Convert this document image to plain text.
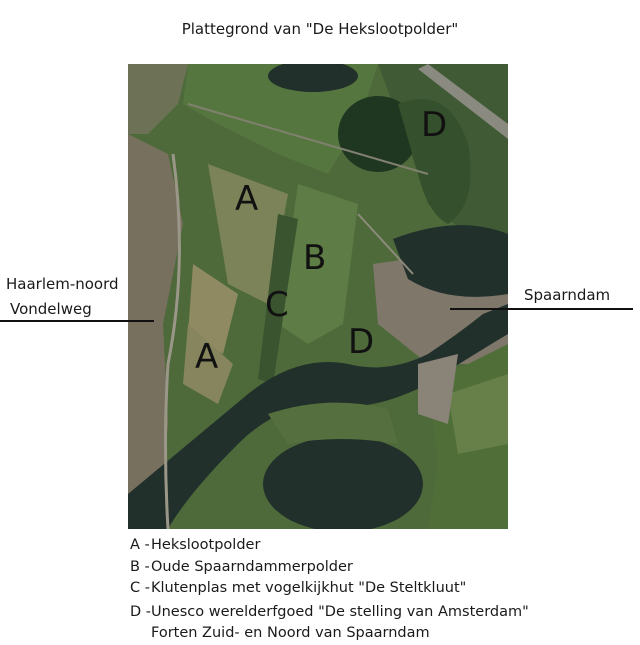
Plattegrond van "De Hekslootpolder"
A
B
C
D
A	D
Haarlem-noord
Vondelweg
Spaarndam
A - Hekslootpolder
B - Oude Spaarndammerpolder
C - Klutenplas met vogelkijkhut "De Steltkluut"
D - Unesco werelderfgoed "De stelling van Amsterdam"
Forten Zuid- en Noord van Spaarndam
